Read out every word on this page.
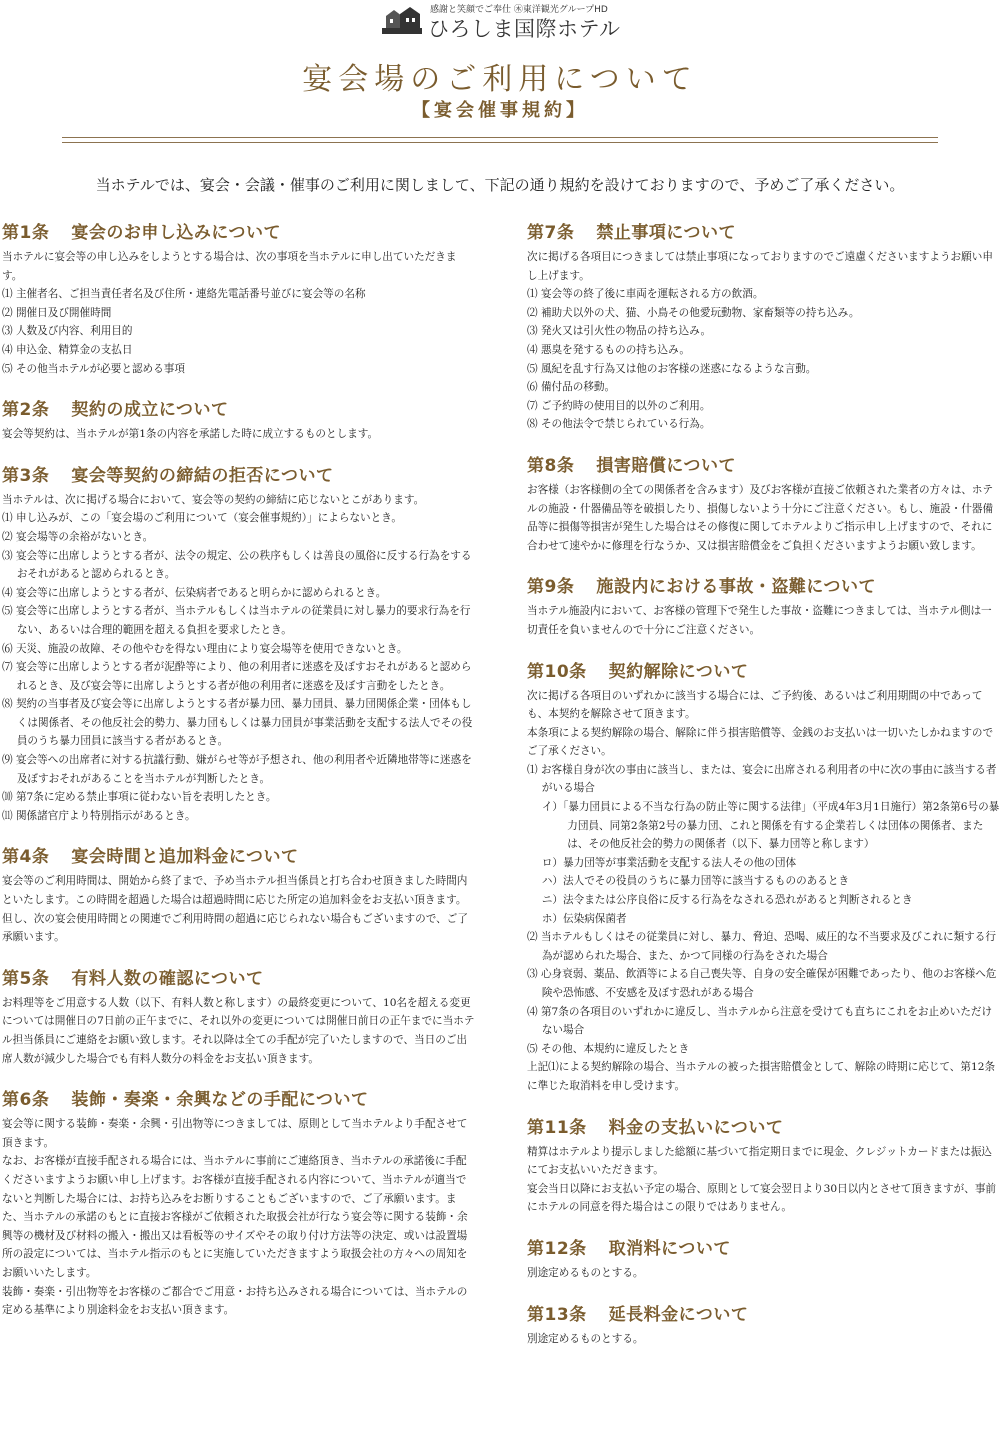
感謝と笑顔でご奉仕 ㊍東洋観光グループHD
ひろしま国際ホテル
宴会場のご利用について
【宴会催事規約】
当ホテルでは、宴会・会議・催事のご利用に関しまして、下記の通り規約を設けておりますので、予めご了承ください。
第1条 宴会のお申し込みについて
当ホテルに宴会等の申し込みをしようとする場合は、次の事項を当ホテルに申し出ていただきます。
⑴ 主催者名、ご担当責任者名及び住所・連絡先電話番号並びに宴会等の名称
⑵ 開催日及び開催時間
⑶ 人数及び内容、利用目的
⑷ 申込金、精算金の支払日
⑸ その他当ホテルが必要と認める事項
第2条 契約の成立について
宴会等契約は、当ホテルが第1条の内容を承諾した時に成立するものとします。
第3条 宴会等契約の締結の拒否について
当ホテルは、次に掲げる場合において、宴会等の契約の締結に応じないとこがあります。
⑴ 申し込みが、この「宴会場のご利用について（宴会催事規約）」によらないとき。
⑵ 宴会場等の余裕がないとき。
⑶ 宴会等に出席しようとする者が、法令の規定、公の秩序もしくは善良の風俗に反する行為をするおそれがあると認められるとき。
⑷ 宴会等に出席しようとする者が、伝染病者であると明らかに認められるとき。
⑸ 宴会等に出席しようとする者が、当ホテルもしくは当ホテルの従業員に対し暴力的要求行為を行ない、あるいは合理的範囲を超える負担を要求したとき。
⑹ 天災、施設の故障、その他やむを得ない理由により宴会場等を使用できないとき。
⑺ 宴会等に出席しようとする者が泥酔等により、他の利用者に迷惑を及ぼすおそれがあると認められるとき、及び宴会等に出席しようとする者が他の利用者に迷惑を及ぼす言動をしたとき。
⑻ 契約の当事者及び宴会等に出席しようとする者が暴力団、暴力団員、暴力団関係企業・団体もしくは関係者、その他反社会的勢力、暴力団もしくは暴力団員が事業活動を支配する法人でその役員のうち暴力団員に該当する者があるとき。
⑼ 宴会等への出席者に対する抗議行動、嫌がらせ等が予想され、他の利用者や近隣地帯等に迷惑を及ぼすおそれがあることを当ホテルが判断したとき。
⑽ 第7条に定める禁止事項に従わない旨を表明したとき。
⑾ 関係諸官庁より特別指示があるとき。
第4条 宴会時間と追加料金について
宴会等のご利用時間は、開始から終了まで、予め当ホテル担当係員と打ち合わせ頂きました時間内といたします。この時間を超過した場合は超過時間に応じた所定の追加料金をお支払い頂きます。
但し、次の宴会使用時間との関連でご利用時間の超過に応じられない場合もございますので、ご了承願います。
第5条 有料人数の確認について
お料理等をご用意する人数（以下、有料人数と称します）の最終変更について、10名を超える変更については開催日の7日前の正午までに、それ以外の変更については開催日前日の正午までに当ホテル担当係員にご連絡をお願い致します。それ以降は全ての手配が完了いたしますので、当日のご出席人数が減少した場合でも有料人数分の料金をお支払い頂きます。
第6条 装飾・奏楽・余興などの手配について
宴会等に関する装飾・奏楽・余興・引出物等につきましては、原則として当ホテルより手配させて頂きます。
なお、お客様が直接手配される場合には、当ホテルに事前にご連絡頂き、当ホテルの承諾後に手配くださいますようお願い申し上げます。お客様が直接手配される内容について、当ホテルが適当でないと判断した場合には、お持ち込みをお断りすることもございますので、ご了承願います。また、当ホテルの承諾のもとに直接お客様がご依頼された取扱会社が行なう宴会等に関する装飾・余興等の機材及び材料の搬入・搬出又は看板等のサイズやその取り付け方法等の決定、或いは設置場所の設定については、当ホテル指示のもとに実施していただきますよう取扱会社の方々への周知をお願いいたします。
装飾・奏楽・引出物等をお客様のご都合でご用意・お持ち込みされる場合については、当ホテルの定める基準により別途料金をお支払い頂きます。
第7条 禁止事項について
次に掲げる各項目につきましては禁止事項になっておりますのでご遠慮くださいますようお願い申し上げます。
⑴ 宴会等の終了後に車両を運転される方の飲酒。
⑵ 補助犬以外の犬、猫、小鳥その他愛玩動物、家畜類等の持ち込み。
⑶ 発火又は引火性の物品の持ち込み。
⑷ 悪臭を発するものの持ち込み。
⑸ 風紀を乱す行為又は他のお客様の迷惑になるような言動。
⑹ 備付品の移動。
⑺ ご予約時の使用目的以外のご利用。
⑻ その他法令で禁じられている行為。
第8条 損害賠償について
お客様（お客様側の全ての関係者を含みます）及びお客様が直接ご依頼された業者の方々は、ホテルの施設・什器備品等を破損したり、損傷しないよう十分にご注意ください。もし、施設・什器備品等に損傷等損害が発生した場合はその修復に関してホテルよりご指示申し上げますので、それに合わせて速やかに修理を行なうか、又は損害賠償金をご負担くださいますようお願い致します。
第9条 施設内における事故・盗難について
当ホテル施設内において、お客様の管理下で発生した事故・盗難につきましては、当ホテル側は一切責任を負いませんので十分にご注意ください。
第10条 契約解除について
次に掲げる各項目のいずれかに該当する場合には、ご予約後、あるいはご利用期間の中であっても、本契約を解除させて頂きます。
本条項による契約解除の場合、解除に伴う損害賠償等、金銭のお支払いは一切いたしかねますのでご了承ください。
⑴ お客様自身が次の事由に該当し、または、宴会に出席される利用者の中に次の事由に該当する者がいる場合
イ）「暴力団員による不当な行為の防止等に関する法律」（平成4年3月1日施行）第2条第6号の暴力団員、同第2条第2号の暴力団、これと関係を有する企業若しくは団体の関係者、または、その他反社会的勢力の関係者（以下、暴力団等と称します）
ロ）暴力団等が事業活動を支配する法人その他の団体
ハ）法人でその役員のうちに暴力団等に該当するもののあるとき
ニ）法令または公序良俗に反する行為をなされる恐れがあると判断されるとき
ホ）伝染病保菌者
⑵ 当ホテルもしくはその従業員に対し、暴力、脅迫、恐喝、威圧的な不当要求及びこれに類する行為が認められた場合、また、かつて同様の行為をされた場合
⑶ 心身衰弱、薬品、飲酒等による自己喪失等、自身の安全確保が困難であったり、他のお客様へ危険や恐怖感、不安感を及ぼす恐れがある場合
⑷ 第7条の各項目のいずれかに違反し、当ホテルから注意を受けても直ちにこれをお止めいただけない場合
⑸ その他、本規約に違反したとき
上記⑴による契約解除の場合、当ホテルの被った損害賠償金として、解除の時期に応じて、第12条に準じた取消料を申し受けます。
第11条 料金の支払いについて
精算はホテルより提示しました総額に基づいて指定期日までに現金、クレジットカードまたは振込にてお支払いいただきます。
宴会当日以降にお支払い予定の場合、原則として宴会翌日より30日以内とさせて頂きますが、事前にホテルの同意を得た場合はこの限りではありません。
第12条 取消料について
別途定めるものとする。
第13条 延長料金について
別途定めるものとする。
